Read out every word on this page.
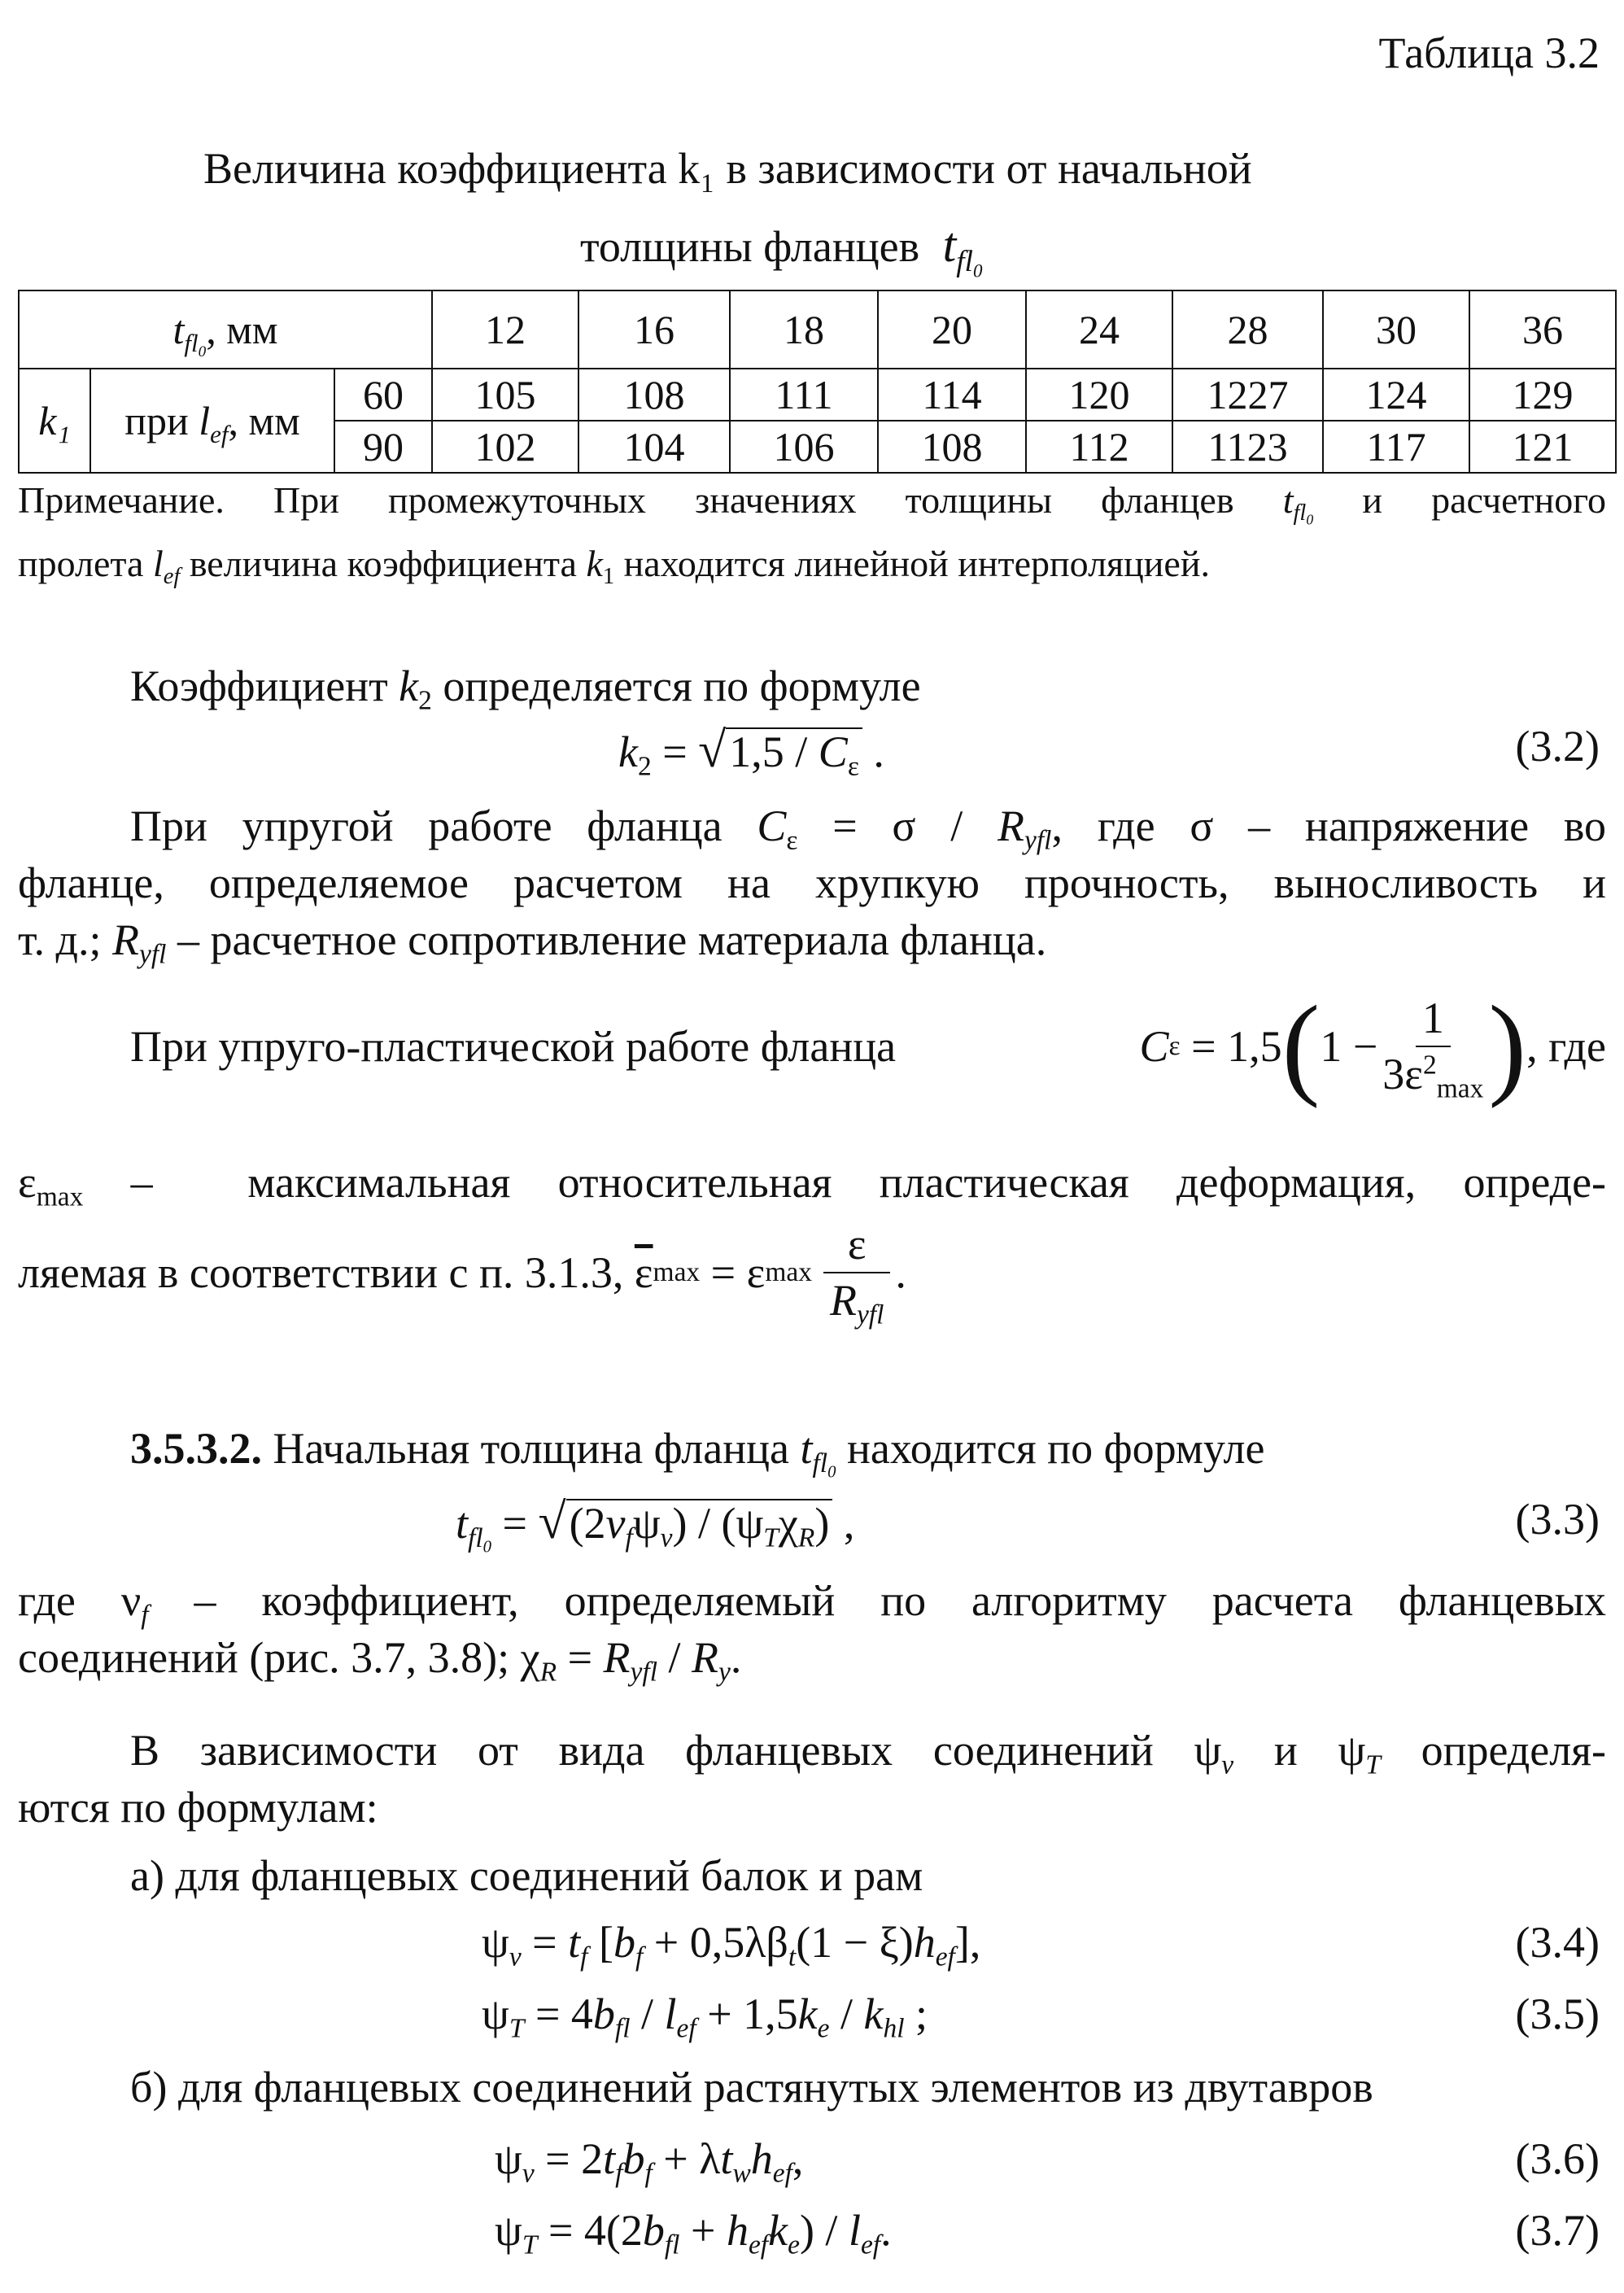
Таблица 3.2
Величина коэффициента k₁ в зависимости от начальной
толщины фланцев  $t_{fl_0}$
$t_{fl_0}$, мм			12	16	18	20	24	28	30	36
k₁	при $l_{ef}$, мм	60	105	108	111	114	120	1227	124	129
		90	102	104	106	108	112	1123	117	121
Примечание. При промежуточных значениях толщины фланцев $t_{fl_0}$ и расчетного
пролета $l_{ef}$ величина коэффициента $k_1$ находится линейной интерполяцией.
Коэффициент $k_2$ определяется по формуле
$k_2 = √1,5 / C_\varepsilon$ .	(3.2)
При упругой работе фланца $C_\varepsilon = \sigma / R_{yfl}$, где σ – напряжение во
фланце, определяемое расчетом на хрупкую прочность, выносливость и
т. д.; $R_{yfl}$ – расчетное сопротивление материала фланца.
При упруго-пластической работе фланца	C ε = 1,5 ( $1 - \frac{1}{3\varepsilon^2_{max}}$ ) , где
$\varepsilon_{max}$ – максимальная относительная пластическая деформация, опреде-
ляемая в соответствии с п. 3.1.3,
$\overline{\varepsilon}$ max = ε $\max \frac{\varepsilon}{R_{yfl}}$ .
3.5.3.2. Начальная толщина фланца $t_{fl_0}$ находится по формуле
$t_{fl_0} = √(2\nu_f\psi_v) / (\psi_T\chi_R)$ ,	(3.3)
где $\nu_f$ – коэффициент, определяемый по алгоритму расчета фланцевых
соединений (рис. 3.7, 3.8); $\chi_R = R_{yfl} / R_y$.
В зависимости от вида фланцевых соединений $\psi_v$ и $\psi_T$ определя-
ются по формулам:
а) для фланцевых соединений балок и рам
$\psi_v = t_f$ $[b_f + 0,5\lambda\beta_t(1 - \xi)h_{ef}]$,	(3.4)
$\psi_T = 4b_{fl} / l_{ef} + 1,5k_e / k_{hl}$ ;	(3.5)
б) для фланцевых соединений растянутых элементов из двутавров
$\psi_v = 2t_fb_f + \lambda t_wh_{ef}$,	(3.6)
$\psi_T = 4(2b_{fl} + h_{ef}k_e) / l_{ef}$.	(3.7)
